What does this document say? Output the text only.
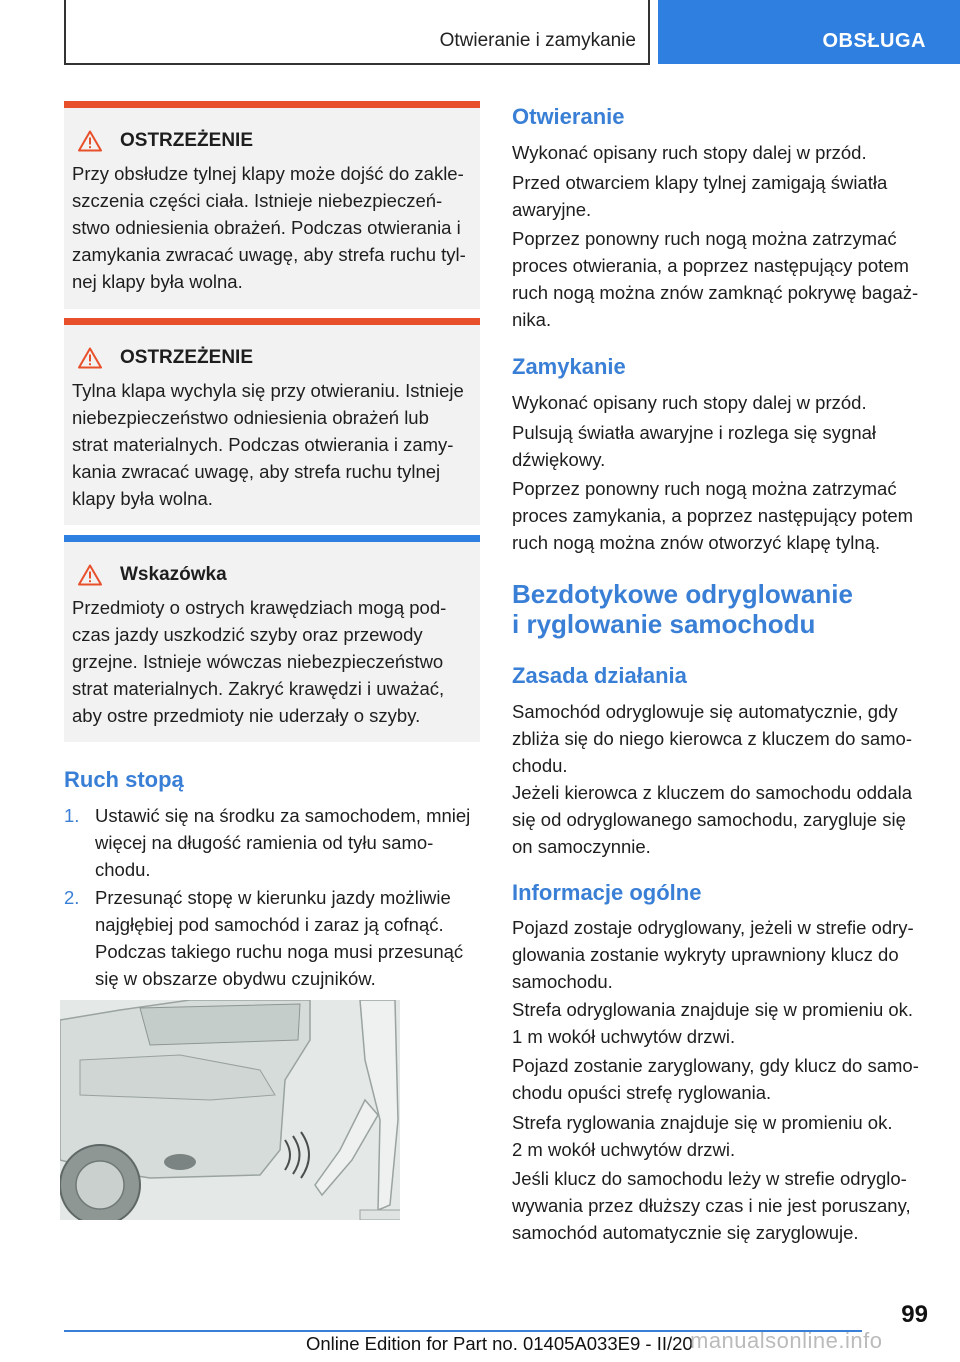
Otwieranie i zamykanie	OBSŁUGA
OSTRZEŻENIE
Przy obsłudze tylnej klapy może dojść do zakle-
szczenia części ciała. Istnieje niebezpieczeń-
stwo odniesienia obrażeń. Podczas otwierania i
zamykania zwracać uwagę, aby strefa ruchu tyl-
nej klapy była wolna.
OSTRZEŻENIE
Tylna klapa wychyla się przy otwieraniu. Istnieje
niebezpieczeństwo odniesienia obrażeń lub
strat materialnych. Podczas otwierania i zamy-
kania zwracać uwagę, aby strefa ruchu tylnej
klapy była wolna.
Wskazówka
Przedmioty o ostrych krawędziach mogą pod-
czas jazdy uszkodzić szyby oraz przewody
grzejne. Istnieje wówczas niebezpieczeństwo
strat materialnych. Zakryć krawędzi i uważać,
aby ostre przedmioty nie uderzały o szyby.
Ruch stopą
1. Ustawić się na środku za samochodem, mniej
więcej na długość ramienia od tyłu samo-
chodu.
2. Przesunąć stopę w kierunku jazdy możliwie
najgłębiej pod samochód i zaraz ją cofnąć.
Podczas takiego ruchu noga musi przesunąć
się w obszarze obydwu czujników.
Otwieranie
Wykonać opisany ruch stopy dalej w przód.
Przed otwarciem klapy tylnej zamigają światła
awaryjne.
Poprzez ponowny ruch nogą można zatrzymać
proces otwierania, a poprzez następujący potem
ruch nogą można znów zamknąć pokrywę bagaż-
nika.
Zamykanie
Wykonać opisany ruch stopy dalej w przód.
Pulsują światła awaryjne i rozlega się sygnał
dźwiękowy.
Poprzez ponowny ruch nogą można zatrzymać
proces zamykania, a poprzez następujący potem
ruch nogą można znów otworzyć klapę tylną.
Bezdotykowe odryglowanie
i ryglowanie samochodu
Zasada działania
Samochód odryglowuje się automatycznie, gdy
zbliża się do niego kierowca z kluczem do samo-
chodu.
Jeżeli kierowca z kluczem do samochodu oddala
się od odryglowanego samochodu, zarygluje się
on samoczynnie.
Informacje ogólne
Pojazd zostaje odryglowany, jeżeli w strefie odry-
glowania zostanie wykryty uprawniony klucz do
samochodu.
Strefa odryglowania znajduje się w promieniu ok.
1 m wokół uchwytów drzwi.
Pojazd zostanie zaryglowany, gdy klucz do samo-
chodu opuści strefę ryglowania.
Strefa ryglowania znajduje się w promieniu ok.
2 m wokół uchwytów drzwi.
Jeśli klucz do samochodu leży w strefie odryglo-
wywania przez dłuższy czas i nie jest poruszany,
samochód automatycznie się zaryglowuje.
99
Online Edition for Part no. 01405A033E9 - II/20
manualsonline.info
